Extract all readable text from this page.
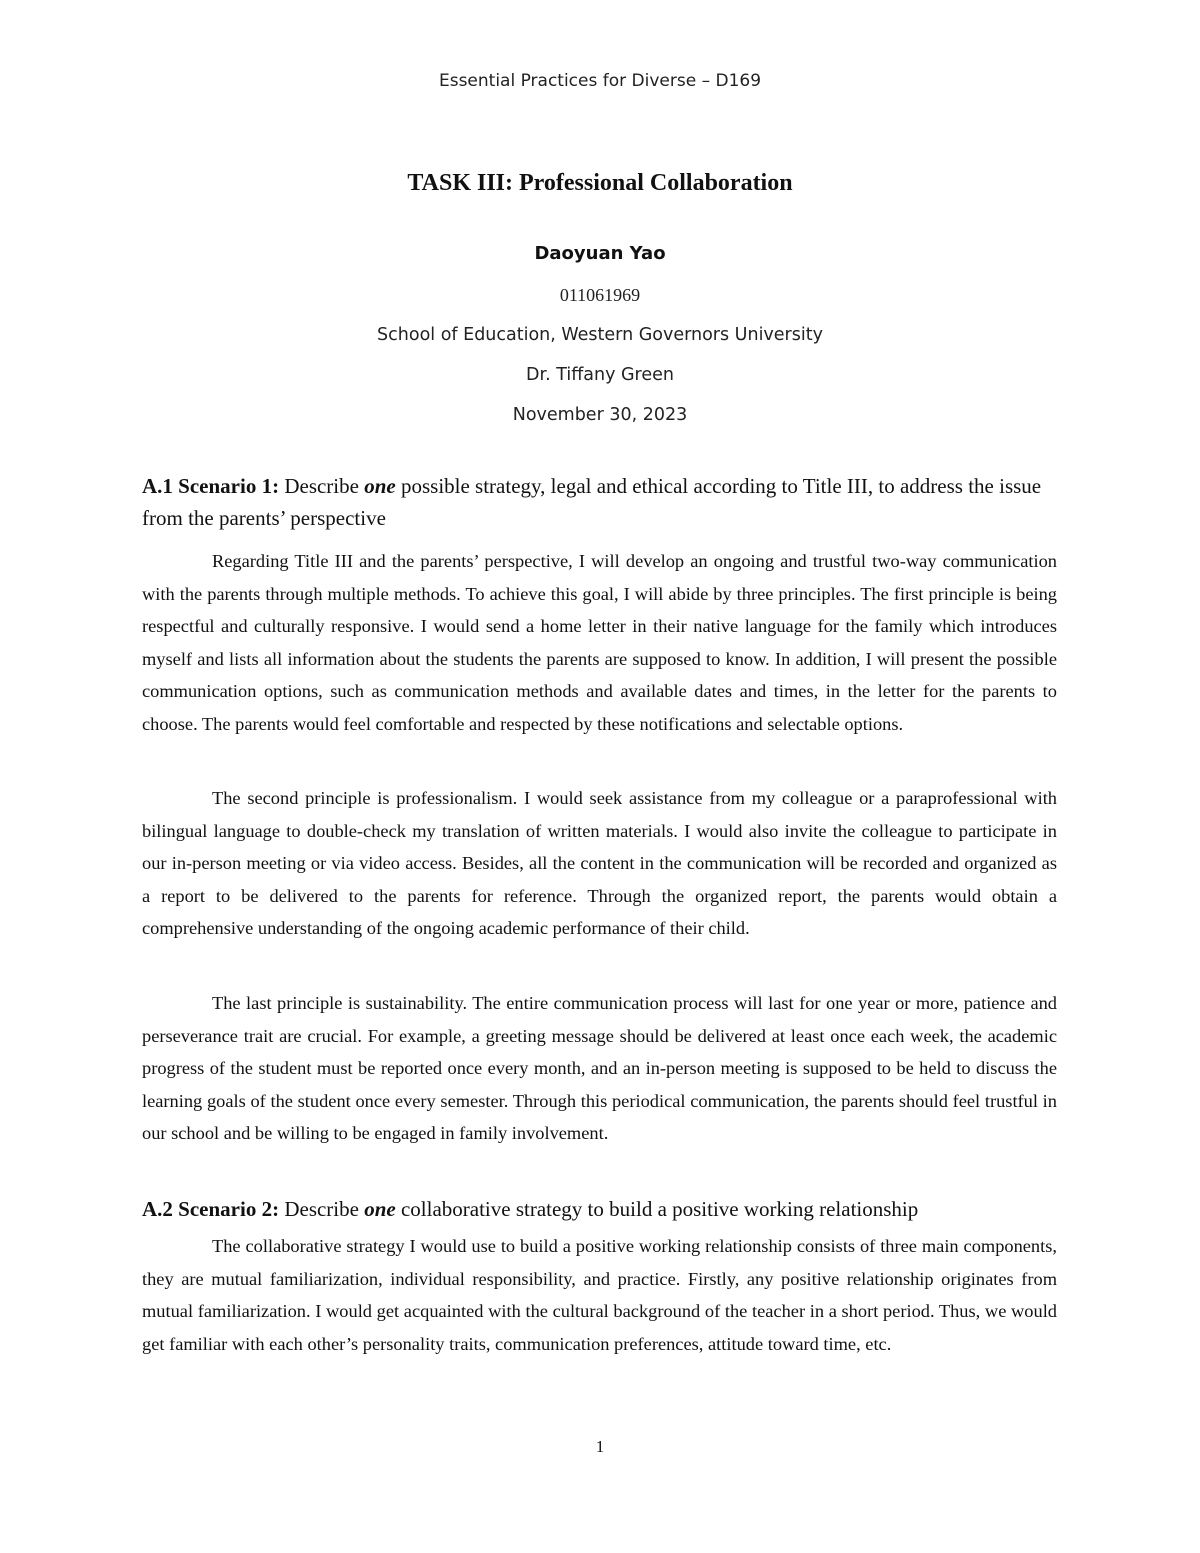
Essential Practices for Diverse – D169
TASK III: Professional Collaboration
Daoyuan Yao
011061969
School of Education, Western Governors University
Dr. Tiffany Green
November 30, 2023
A.1 Scenario 1: Describe one possible strategy, legal and ethical according to Title III, to address the issue from the parents’ perspective

Regarding Title III and the parents’ perspective, I will develop an ongoing and trustful two-way communication with the parents through multiple methods. To achieve this goal, I will abide by three principles. The first principle is being respectful and culturally responsive. I would send a home letter in their native language for the family which introduces myself and lists all information about the students the parents are supposed to know. In addition, I will present the possible communication options, such as communication methods and available dates and times, in the letter for the parents to choose. The parents would feel comfortable and respected by these notifications and selectable options.

The second principle is professionalism. I would seek assistance from my colleague or a paraprofessional with bilingual language to double-check my translation of written materials. I would also invite the colleague to participate in our in-person meeting or via video access. Besides, all the content in the communication will be recorded and organized as a report to be delivered to the parents for reference. Through the organized report, the parents would obtain a comprehensive understanding of the ongoing academic performance of their child.

The last principle is sustainability. The entire communication process will last for one year or more, patience and perseverance trait are crucial. For example, a greeting message should be delivered at least once each week, the academic progress of the student must be reported once every month, and an in-person meeting is supposed to be held to discuss the learning goals of the student once every semester. Through this periodical communication, the parents should feel trustful in our school and be willing to be engaged in family involvement.

A.2 Scenario 2: Describe one collaborative strategy to build a positive working relationship

The collaborative strategy I would use to build a positive working relationship consists of three main components, they are mutual familiarization, individual responsibility, and practice. Firstly, any positive relationship originates from mutual familiarization. I would get acquainted with the cultural background of the teacher in a short period. Thus, we would get familiar with each other’s personality traits, communication preferences, attitude toward time, etc.

1
